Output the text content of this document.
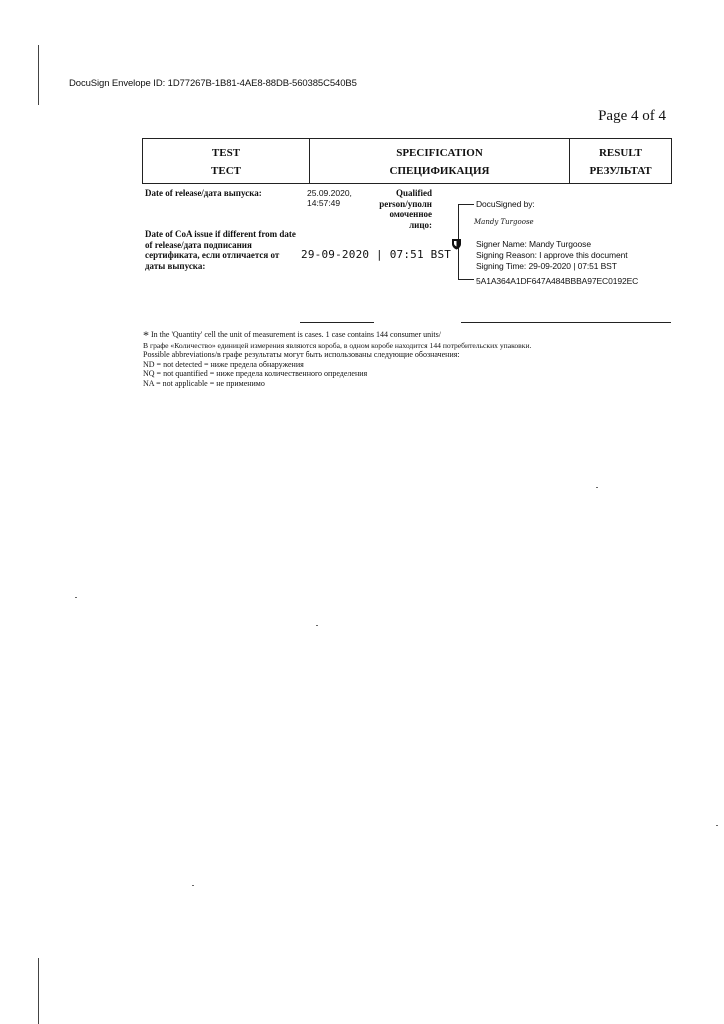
DocuSign Envelope ID: 1D77267B-1B81-4AE8-88DB-560385C540B5
Page 4 of 4
TEST
ТЕСТ
SPECIFICATION
СПЕЦИФИКАЦИЯ
RESULT
РЕЗУЛЬТАТ
Date of release/дата выпуска:	25.09.2020,
14:57:49
Qualified
person/уполн
омоченное
лицо:
Date of CoA issue if different from date
of release/дата подписания
сертификата, если отличается от
даты выпуска:
29-09-2020 | 07:51 BST
DocuSigned by:
Mandy Turgoose
Signer Name: Mandy Turgoose
Signing Reason: I approve this document
Signing Time: 29-09-2020 | 07:51 BST
5A1A364A1DF647A484BBBA97EC0192EC
* In the 'Quantity' cell the unit of measurement is cases. 1 case contains 144 consumer units/
В графе «Количество» единицей измерения являются коробa, в одном коробе находится 144 потребительских упаковки.
Possible abbreviations/в графе результаты могут быть использованы следующие обозначения:
ND = not detected = ниже предела обнаружения
NQ = not quantified = ниже предела количественного определения
NA = not applicable = не применимо
